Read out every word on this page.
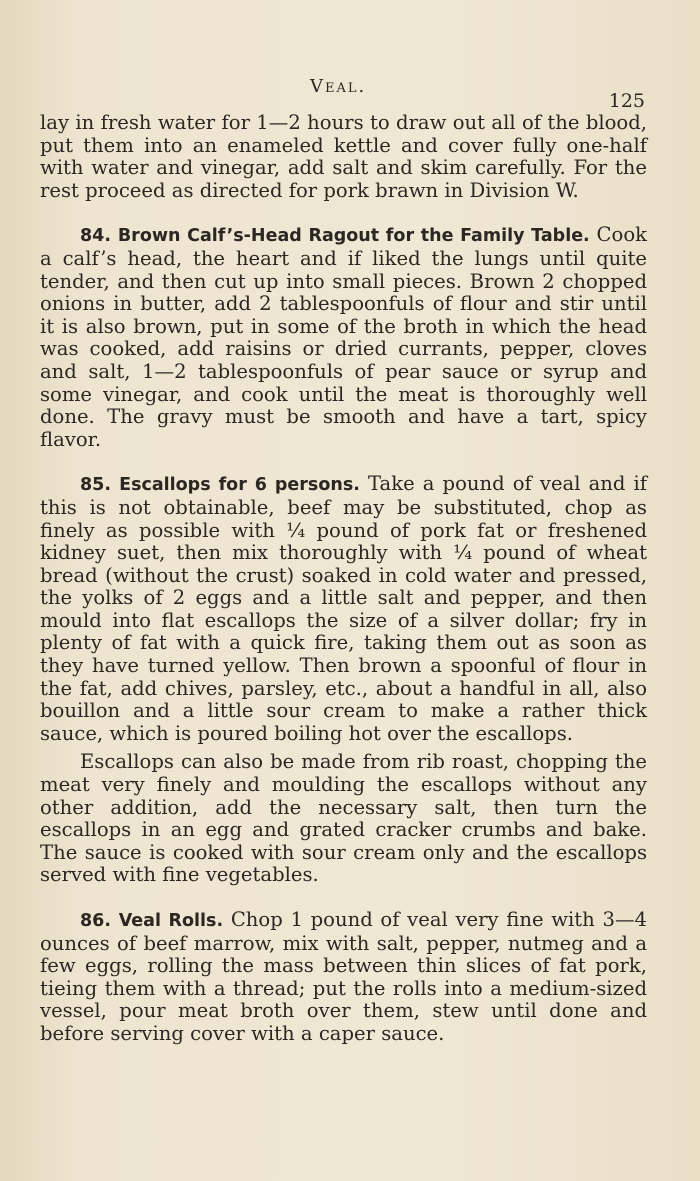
Veal.
125

lay in fresh water for 1—2 hours to draw out all of the blood, put them into an enameled kettle and cover fully one-half with water and vinegar, add salt and skim carefully. For the rest proceed as directed for pork brawn in Division W.

84. Brown Calf’s-Head Ragout for the Family Table. Cook a calf’s head, the heart and if liked the lungs until quite tender, and then cut up into small pieces. Brown 2 chopped onions in butter, add 2 tablespoonfuls of flour and stir until it is also brown, put in some of the broth in which the head was cooked, add raisins or dried currants, pepper, cloves and salt, 1—2 tablespoonfuls of pear sauce or syrup and some vinegar, and cook until the meat is thoroughly well done. The gravy must be smooth and have a tart, spicy flavor.

85. Escallops for 6 persons. Take a pound of veal and if this is not obtainable, beef may be substituted, chop as finely as possible with ¼ pound of pork fat or freshened kidney suet, then mix thoroughly with ¼ pound of wheat bread (without the crust) soaked in cold water and pressed, the yolks of 2 eggs and a little salt and pepper, and then mould into flat escallops the size of a silver dollar; fry in plenty of fat with a quick fire, taking them out as soon as they have turned yellow. Then brown a spoonful of flour in the fat, add chives, parsley, etc., about a handful in all, also bouillon and a little sour cream to make a rather thick sauce, which is poured boiling hot over the escallops.

Escallops can also be made from rib roast, chopping the meat very finely and moulding the escallops without any other addition, add the necessary salt, then turn the escallops in an egg and grated cracker crumbs and bake. The sauce is cooked with sour cream only and the escallops served with fine vegetables.

86. Veal Rolls. Chop 1 pound of veal very fine with 3—4 ounces of beef marrow, mix with salt, pepper, nutmeg and a few eggs, rolling the mass between thin slices of fat pork, tieing them with a thread; put the rolls into a medium-sized vessel, pour meat broth over them, stew until done and before serving cover with a caper sauce.
